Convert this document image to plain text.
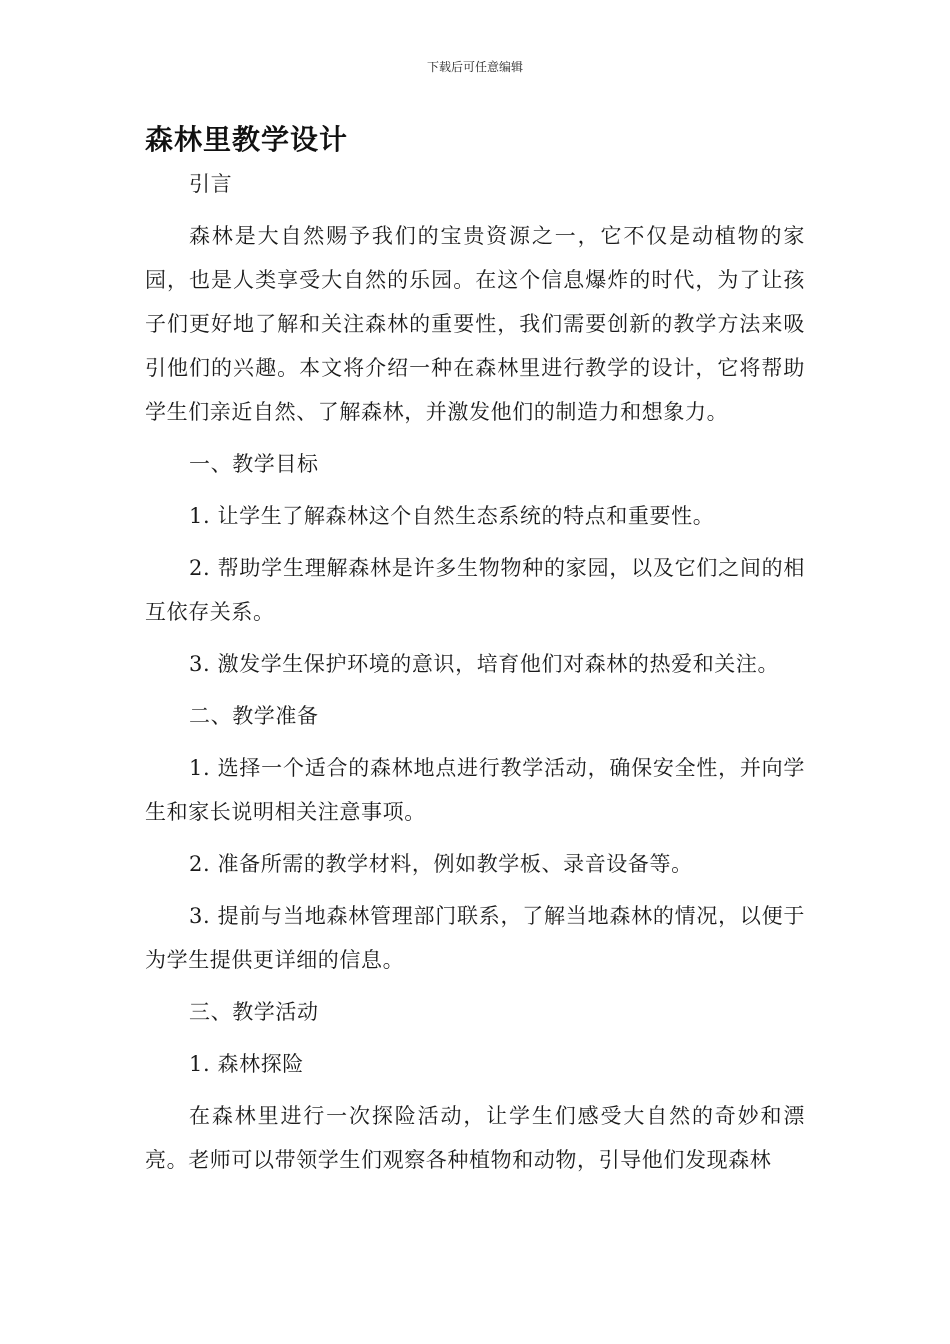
下载后可任意编辑
森林里教学设计

引言

森林是大自然赐予我们的宝贵资源之一，它不仅是动植物的家园，也是人类享受大自然的乐园。在这个信息爆炸的时代，为了让孩子们更好地了解和关注森林的重要性，我们需要创新的教学方法来吸引他们的兴趣。本文将介绍一种在森林里进行教学的设计，它将帮助学生们亲近自然、了解森林，并激发他们的制造力和想象力。

一、教学目标

1. 让学生了解森林这个自然生态系统的特点和重要性。

2. 帮助学生理解森林是许多生物物种的家园，以及它们之间的相互依存关系。

3. 激发学生保护环境的意识，培育他们对森林的热爱和关注。

二、教学准备

1. 选择一个适合的森林地点进行教学活动，确保安全性，并向学生和家长说明相关注意事项。

2. 准备所需的教学材料，例如教学板、录音设备等。

3. 提前与当地森林管理部门联系，了解当地森林的情况，以便于为学生提供更详细的信息。

三、教学活动

1. 森林探险

在森林里进行一次探险活动，让学生们感受大自然的奇妙和漂亮。老师可以带领学生们观察各种植物和动物，引导他们发现森林
